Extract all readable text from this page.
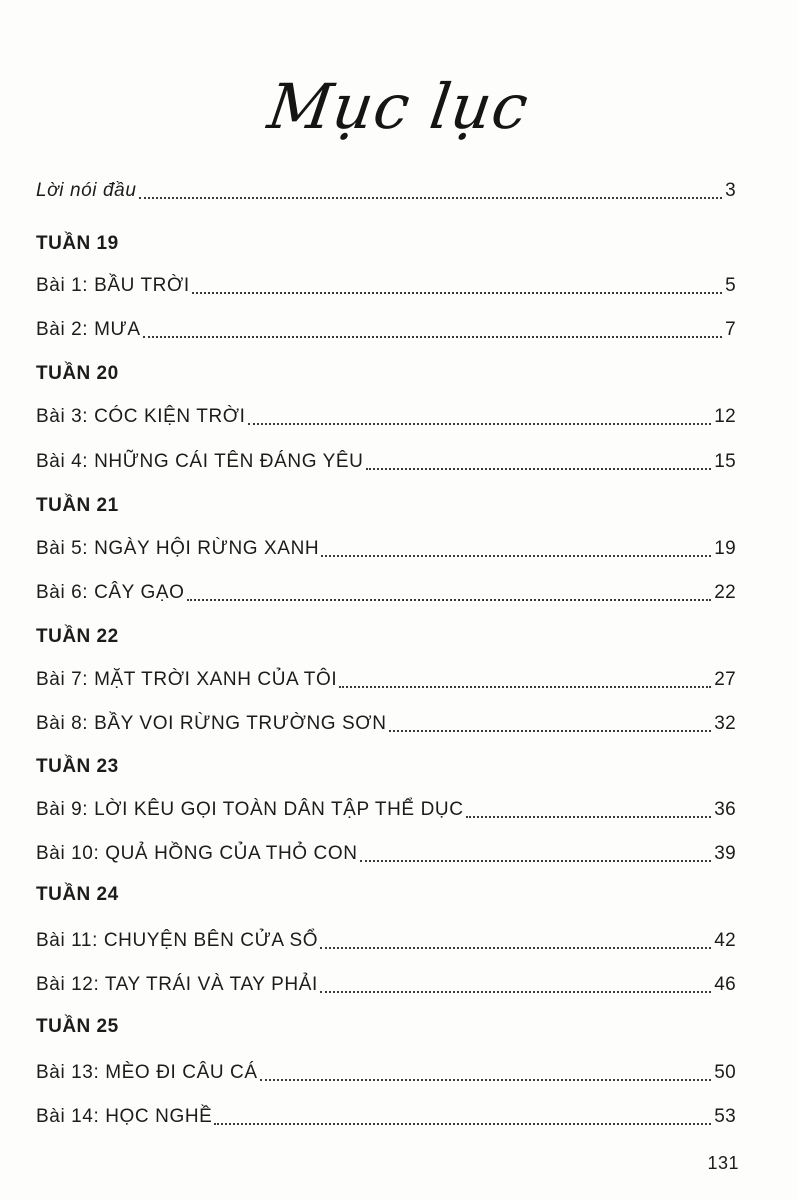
Mục lục
Lời nói đầu	3
TUẦN 19
Bài 1: BẦU TRỜI	5
Bài 2: MƯA	7
TUẦN 20
Bài 3: CÓC KIỆN TRỜI	12
Bài 4: NHỮNG CÁI TÊN ĐÁNG YÊU	15
TUẦN 21
Bài 5: NGÀY HỘI RỪNG XANH	19
Bài 6: CÂY GẠO	22
TUẦN 22
Bài 7: MẶT TRỜI XANH CỦA TÔI	27
Bài 8: BẦY VOI RỪNG TRƯỜNG SƠN	32
TUẦN 23
Bài 9: LỜI KÊU GỌI TOÀN DÂN TẬP THỂ DỤC	36
Bài 10: QUẢ HỒNG CỦA THỎ CON	39
TUẦN 24
Bài 11: CHUYỆN BÊN CỬA SỔ	42
Bài 12: TAY TRÁI VÀ TAY PHẢI	46
TUẦN 25
Bài 13: MÈO ĐI CÂU CÁ	50
Bài 14: HỌC NGHỀ	53
131
